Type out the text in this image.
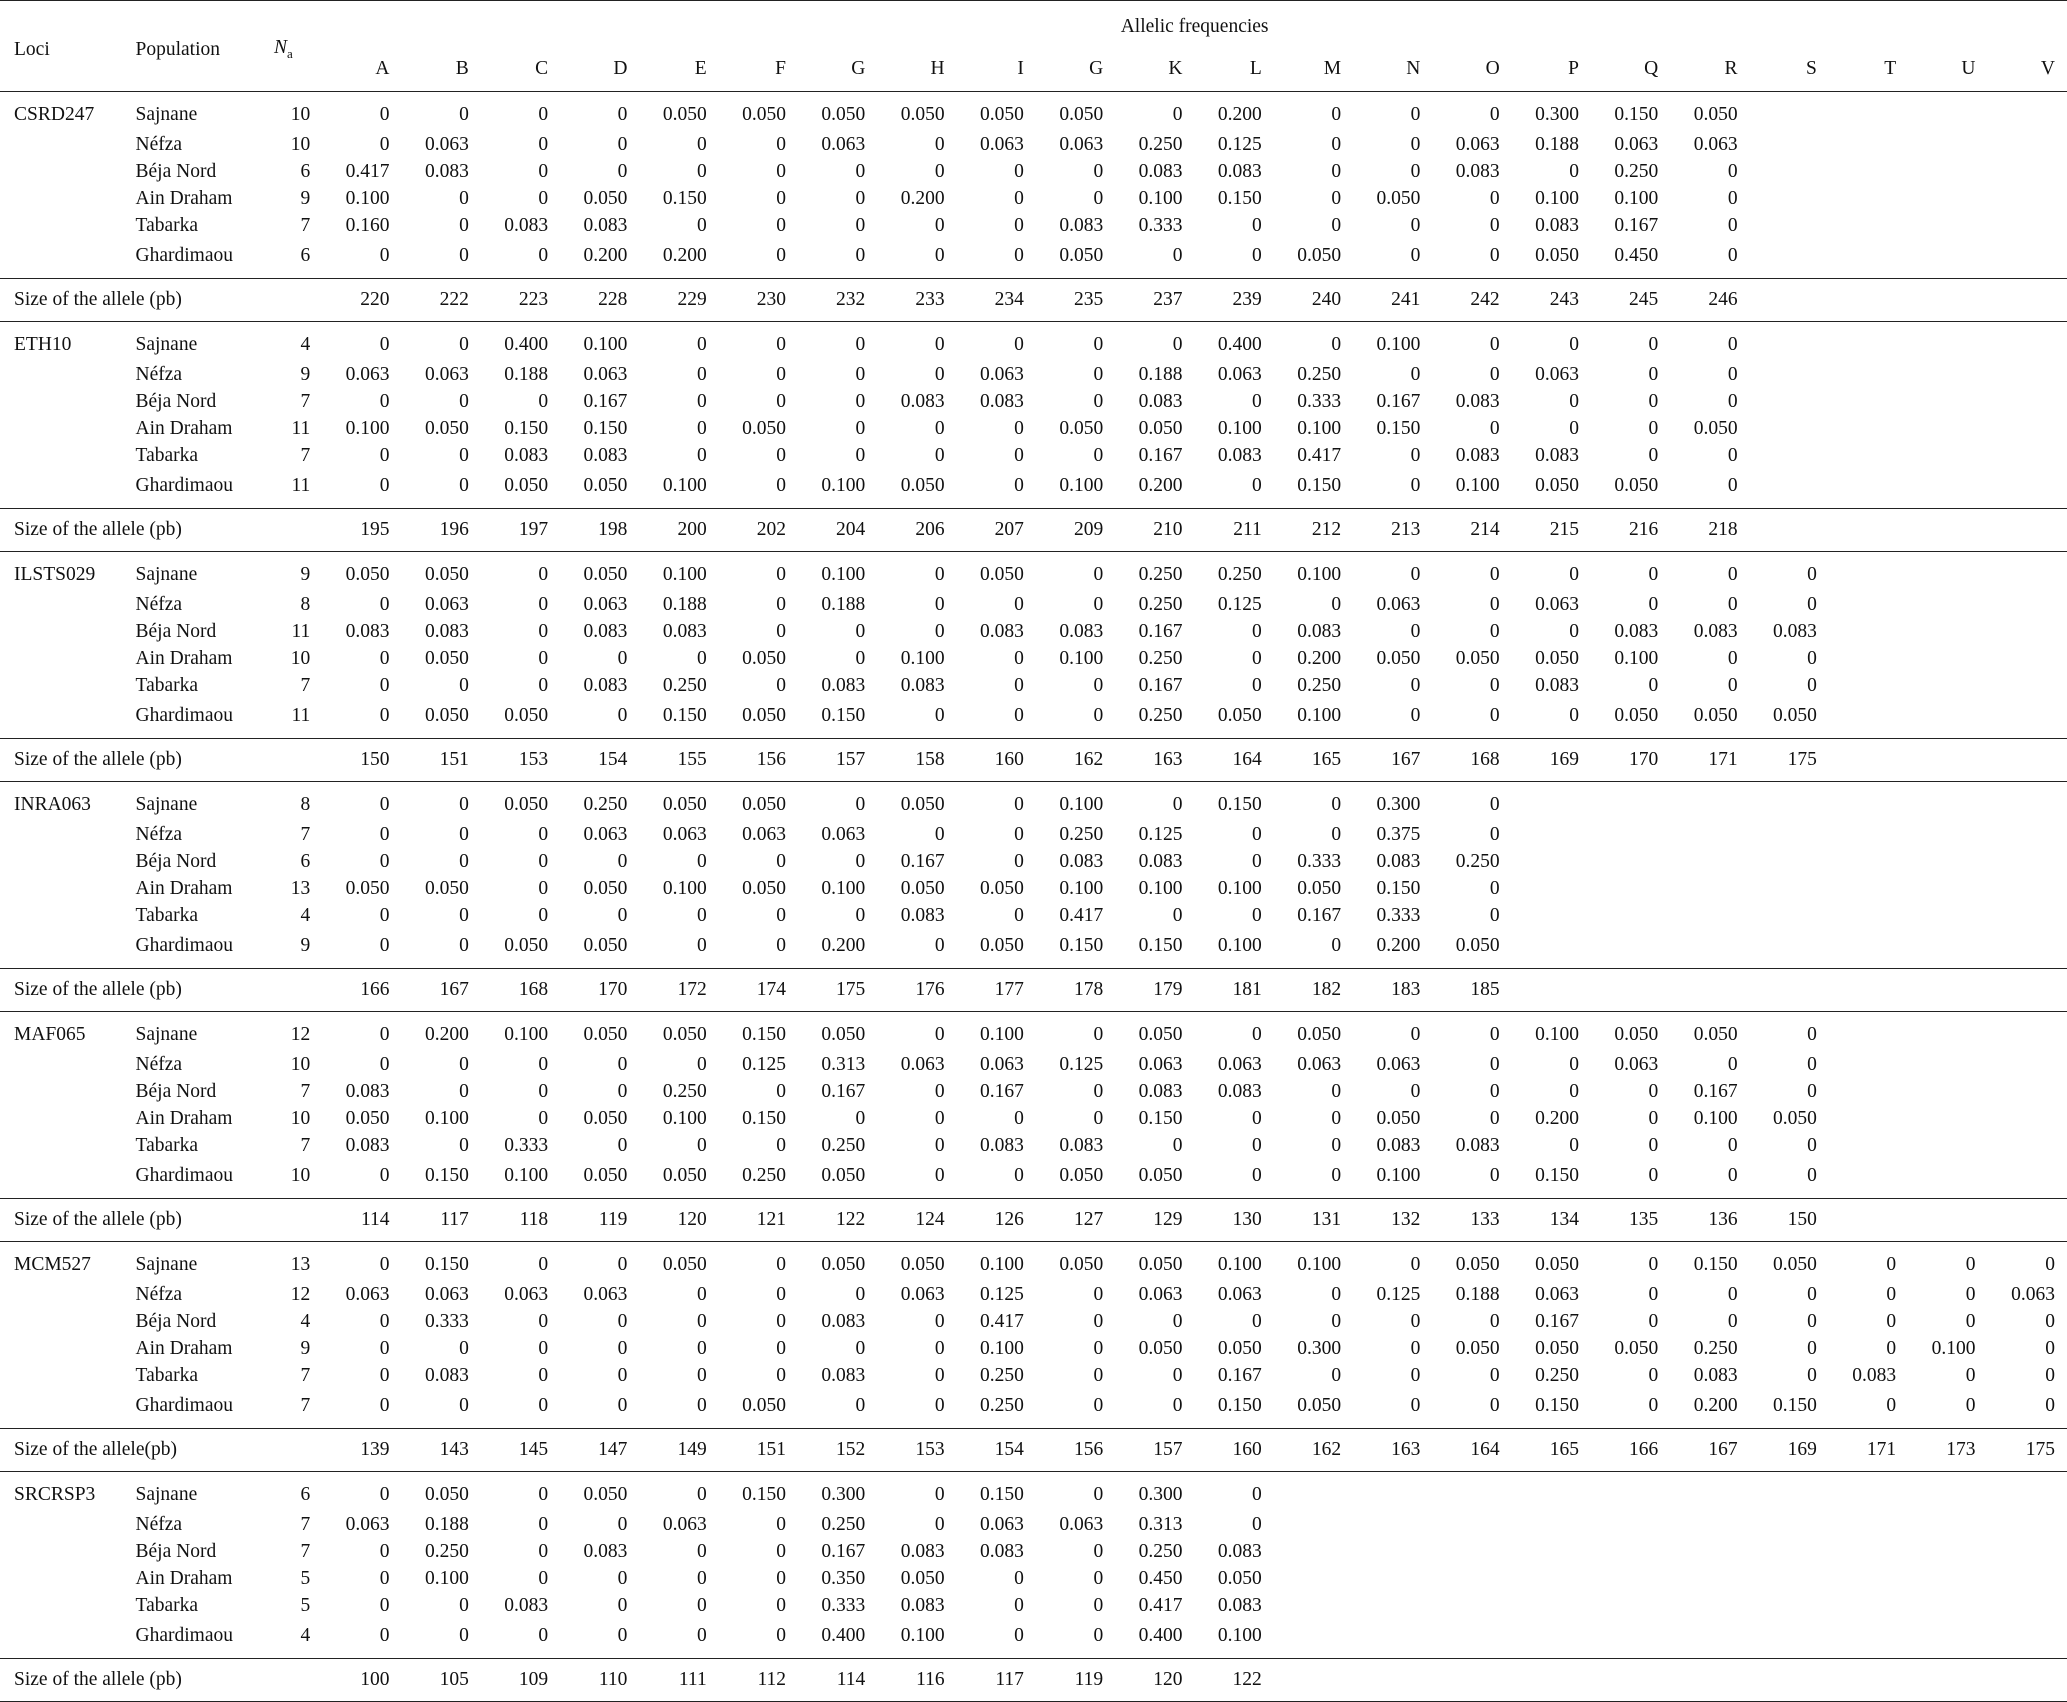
Loci	Population	$N_a$	Allelic frequencies																					
			A	B	C	D	E	F	G	H	I	G	K	L	M	N	O	P	Q	R	S	T	U	V
CSRD247	Sajnane	10	0	0	0	0	0.050	0.050	0.050	0.050	0.050	0.050	0	0.200	0	0	0	0.300	0.150	0.050				
	Néfza	10	0	0.063	0	0	0	0	0.063	0	0.063	0.063	0.250	0.125	0	0	0.063	0.188	0.063	0.063				
	Béja Nord	6	0.417	0.083	0	0	0	0	0	0	0	0	0.083	0.083	0	0	0.083	0	0.250	0				
	Ain Draham	9	0.100	0	0	0.050	0.150	0	0	0.200	0	0	0.100	0.150	0	0.050	0	0.100	0.100	0				
	Tabarka	7	0.160	0	0.083	0.083	0	0	0	0	0	0.083	0.333	0	0	0	0	0.083	0.167	0				
	Ghardimaou	6	0	0	0	0.200	0.200	0	0	0	0	0.050	0	0	0.050	0	0	0.050	0.450	0				
Size of the allele (pb)			220	222	223	228	229	230	232	233	234	235	237	239	240	241	242	243	245	246				
ETH10	Sajnane	4	0	0	0.400	0.100	0	0	0	0	0	0	0	0.400	0	0.100	0	0	0	0				
	Néfza	9	0.063	0.063	0.188	0.063	0	0	0	0	0.063	0	0.188	0.063	0.250	0	0	0.063	0	0				
	Béja Nord	7	0	0	0	0.167	0	0	0	0.083	0.083	0	0.083	0	0.333	0.167	0.083	0	0	0				
	Ain Draham	11	0.100	0.050	0.150	0.150	0	0.050	0	0	0	0.050	0.050	0.100	0.100	0.150	0	0	0	0.050				
	Tabarka	7	0	0	0.083	0.083	0	0	0	0	0	0	0.167	0.083	0.417	0	0.083	0.083	0	0				
	Ghardimaou	11	0	0	0.050	0.050	0.100	0	0.100	0.050	0	0.100	0.200	0	0.150	0	0.100	0.050	0.050	0				
Size of the allele (pb)			195	196	197	198	200	202	204	206	207	209	210	211	212	213	214	215	216	218				
ILSTS029	Sajnane	9	0.050	0.050	0	0.050	0.100	0	0.100	0	0.050	0	0.250	0.250	0.100	0	0	0	0	0	0			
	Néfza	8	0	0.063	0	0.063	0.188	0	0.188	0	0	0	0.250	0.125	0	0.063	0	0.063	0	0	0			
	Béja Nord	11	0.083	0.083	0	0.083	0.083	0	0	0	0.083	0.083	0.167	0	0.083	0	0	0	0.083	0.083	0.083			
	Ain Draham	10	0	0.050	0	0	0	0.050	0	0.100	0	0.100	0.250	0	0.200	0.050	0.050	0.050	0.100	0	0			
	Tabarka	7	0	0	0	0.083	0.250	0	0.083	0.083	0	0	0.167	0	0.250	0	0	0.083	0	0	0			
	Ghardimaou	11	0	0.050	0.050	0	0.150	0.050	0.150	0	0	0	0.250	0.050	0.100	0	0	0	0.050	0.050	0.050			
Size of the allele (pb)			150	151	153	154	155	156	157	158	160	162	163	164	165	167	168	169	170	171	175			
INRA063	Sajnane	8	0	0	0.050	0.250	0.050	0.050	0	0.050	0	0.100	0	0.150	0	0.300	0							
	Néfza	7	0	0	0	0.063	0.063	0.063	0.063	0	0	0.250	0.125	0	0	0.375	0							
	Béja Nord	6	0	0	0	0	0	0	0	0.167	0	0.083	0.083	0	0.333	0.083	0.250							
	Ain Draham	13	0.050	0.050	0	0.050	0.100	0.050	0.100	0.050	0.050	0.100	0.100	0.100	0.050	0.150	0							
	Tabarka	4	0	0	0	0	0	0	0	0.083	0	0.417	0	0	0.167	0.333	0							
	Ghardimaou	9	0	0	0.050	0.050	0	0	0.200	0	0.050	0.150	0.150	0.100	0	0.200	0.050							
Size of the allele (pb)			166	167	168	170	172	174	175	176	177	178	179	181	182	183	185							
MAF065	Sajnane	12	0	0.200	0.100	0.050	0.050	0.150	0.050	0	0.100	0	0.050	0	0.050	0	0	0.100	0.050	0.050	0			
	Néfza	10	0	0	0	0	0	0.125	0.313	0.063	0.063	0.125	0.063	0.063	0.063	0.063	0	0	0.063	0	0			
	Béja Nord	7	0.083	0	0	0	0.250	0	0.167	0	0.167	0	0.083	0.083	0	0	0	0	0	0.167	0			
	Ain Draham	10	0.050	0.100	0	0.050	0.100	0.150	0	0	0	0	0.150	0	0	0.050	0	0.200	0	0.100	0.050			
	Tabarka	7	0.083	0	0.333	0	0	0	0.250	0	0.083	0.083	0	0	0	0.083	0.083	0	0	0	0			
	Ghardimaou	10	0	0.150	0.100	0.050	0.050	0.250	0.050	0	0	0.050	0.050	0	0	0.100	0	0.150	0	0	0			
Size of the allele (pb)			114	117	118	119	120	121	122	124	126	127	129	130	131	132	133	134	135	136	150			
MCM527	Sajnane	13	0	0.150	0	0	0.050	0	0.050	0.050	0.100	0.050	0.050	0.100	0.100	0	0.050	0.050	0	0.150	0.050	0	0	0
	Néfza	12	0.063	0.063	0.063	0.063	0	0	0	0.063	0.125	0	0.063	0.063	0	0.125	0.188	0.063	0	0	0	0	0	0.063
	Béja Nord	4	0	0.333	0	0	0	0	0.083	0	0.417	0	0	0	0	0	0	0.167	0	0	0	0	0	0
	Ain Draham	9	0	0	0	0	0	0	0	0	0.100	0	0.050	0.050	0.300	0	0.050	0.050	0.050	0.250	0	0	0.100	0
	Tabarka	7	0	0.083	0	0	0	0	0.083	0	0.250	0	0	0.167	0	0	0	0.250	0	0.083	0	0.083	0	0
	Ghardimaou	7	0	0	0	0	0	0.050	0	0	0.250	0	0	0.150	0.050	0	0	0.150	0	0.200	0.150	0	0	0
Size of the allele(pb)			139	143	145	147	149	151	152	153	154	156	157	160	162	163	164	165	166	167	169	171	173	175
SRCRSP3	Sajnane	6	0	0.050	0	0.050	0	0.150	0.300	0	0.150	0	0.300	0										
	Néfza	7	0.063	0.188	0	0	0.063	0	0.250	0	0.063	0.063	0.313	0										
	Béja Nord	7	0	0.250	0	0.083	0	0	0.167	0.083	0.083	0	0.250	0.083										
	Ain Draham	5	0	0.100	0	0	0	0	0.350	0.050	0	0	0.450	0.050										
	Tabarka	5	0	0	0.083	0	0	0	0.333	0.083	0	0	0.417	0.083										
	Ghardimaou	4	0	0	0	0	0	0	0.400	0.100	0	0	0.400	0.100										
Size of the allele (pb)			100	105	109	110	111	112	114	116	117	119	120	122										
